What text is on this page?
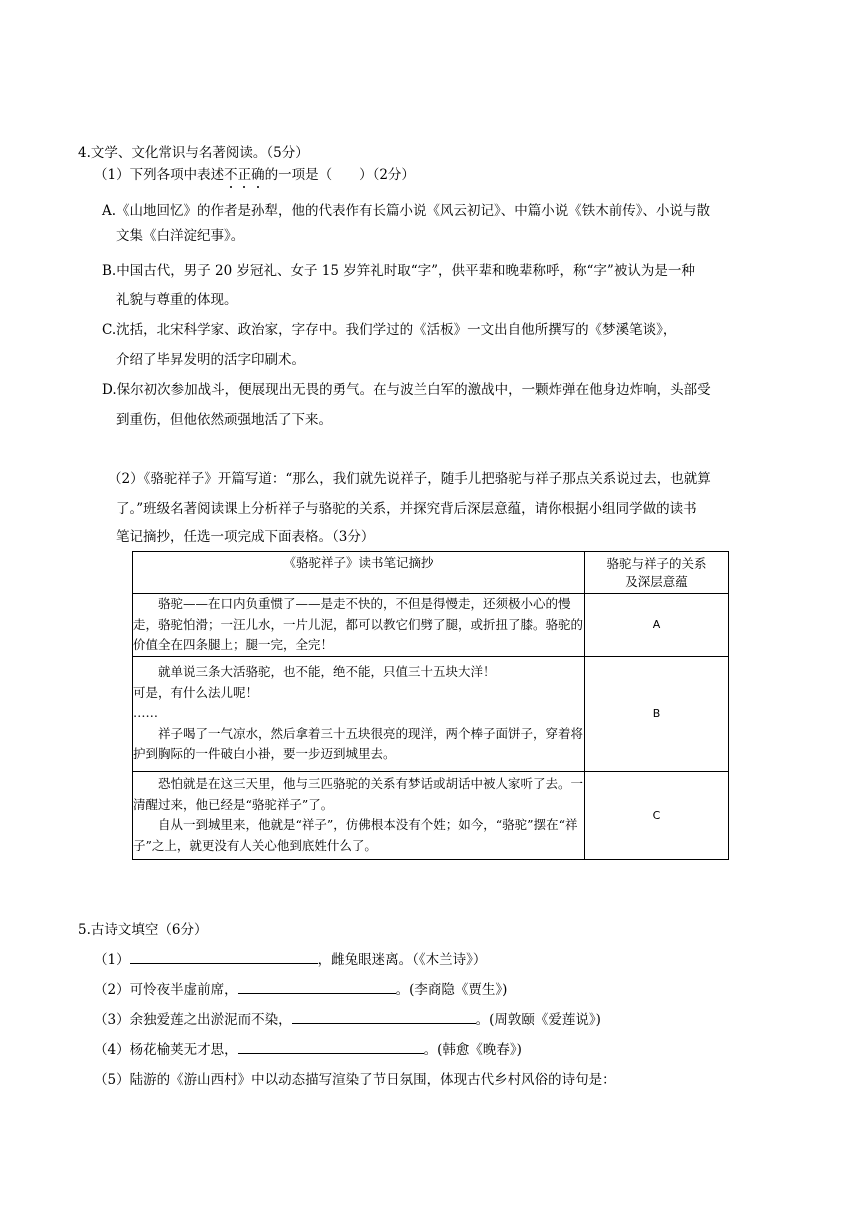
4.文学、文化常识与名著阅读。（5分）
（1）下列各项中表述不正确的一项是（　　）（2分）
A.《山地回忆》的作者是孙犁，他的代表作有长篇小说《风云初记》、中篇小说《铁木前传》、小说与散
文集《白洋淀纪事》。
B.中国古代，男子 20 岁冠礼、女子 15 岁笄礼时取“字”，供平辈和晚辈称呼，称“字”被认为是一种
礼貌与尊重的体现。
C.沈括，北宋科学家、政治家，字存中。我们学过的《活板》一文出自他所撰写的《梦溪笔谈》，
介绍了毕昇发明的活字印刷术。
D.保尔初次参加战斗，便展现出无畏的勇气。在与波兰白军的激战中，一颗炸弹在他身边炸响，头部受
到重伤，但他依然顽强地活了下来。
（2）《骆驼祥子》开篇写道：“那么，我们就先说祥子，随手儿把骆驼与祥子那点关系说过去，也就算
了。”班级名著阅读课上分析祥子与骆驼的关系，并探究背后深层意蕴，请你根据小组同学做的读书
笔记摘抄，任选一项完成下面表格。（3分）
《骆驼祥子》读书笔记摘抄	骆驼与祥子的关系
及深层意蕴

骆驼——在口内负重惯了——是走不快的，不但是得慢走，还须极小心的慢走，骆驼怕滑；一汪儿水，一片儿泥，都可以教它们劈了腿，或折扭了膝。骆驼的价值全在四条腿上；腿一完，全完！	A

就单说三条大活骆驼，也不能，绝不能，只值三十五块大洋！

可是，有什么法儿呢！

……

祥子喝了一气凉水，然后拿着三十五块很亮的现洋，两个棒子面饼子，穿着将护到胸际的一件破白小褂，要一步迈到城里去。	B

恐怕就是在这三天里，他与三匹骆驼的关系有梦话或胡话中被人家听了去。一清醒过来，他已经是“骆驼祥子”了。

自从一到城里来，他就是“祥子”，仿佛根本没有个姓；如今，“骆驼”摆在“祥子”之上，就更没有人关心他到底姓什么了。	C
5.古诗文填空（6分）
（1）	，雌兔眼迷离。（《木兰诗》）
（2）可怜夜半虚前席，	。(李商隐《贾生》)
（3）余独爱莲之出淤泥而不染，	。(周敦颐《爱莲说》)
（4）杨花榆荚无才思，	。(韩愈《晚春》)
（5）陆游的《游山西村》中以动态描写渲染了节日氛围，体现古代乡村风俗的诗句是：
